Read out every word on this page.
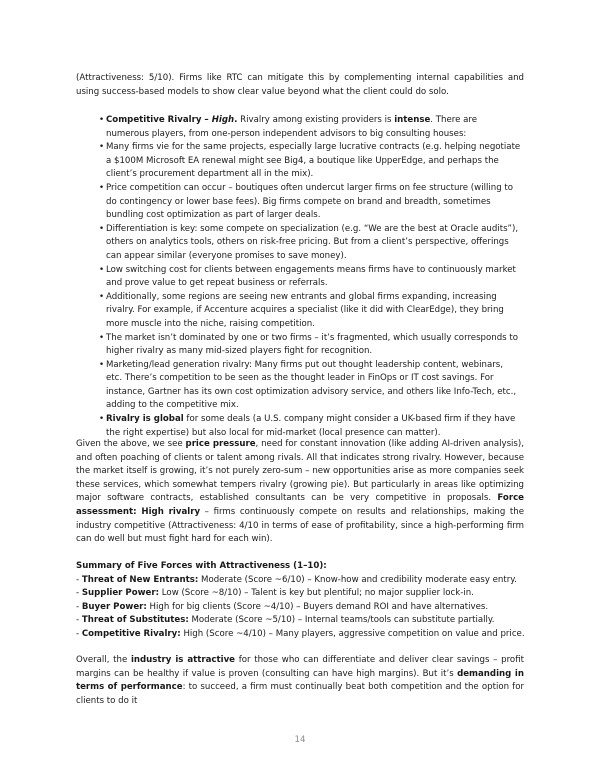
(Attractiveness: 5/10). Firms like RTC can mitigate this by complementing internal capabilities and using success-based models to show clear value beyond what the client could do solo.

• Competitive Rivalry – High. Rivalry among existing providers is intense. There are numerous players, from one-person independent advisors to big consulting houses:
• Many firms vie for the same projects, especially large lucrative contracts (e.g. helping negotiate a $100M Microsoft EA renewal might see Big4, a boutique like UpperEdge, and perhaps the client’s procurement department all in the mix).
• Price competition can occur – boutiques often undercut larger firms on fee structure (willing to do contingency or lower base fees). Big firms compete on brand and breadth, sometimes bundling cost optimization as part of larger deals.
• Differentiation is key: some compete on specialization (e.g. “We are the best at Oracle audits”), others on analytics tools, others on risk-free pricing. But from a client’s perspective, offerings can appear similar (everyone promises to save money).
• Low switching cost for clients between engagements means firms have to continuously market and prove value to get repeat business or referrals.
• Additionally, some regions are seeing new entrants and global firms expanding, increasing rivalry. For example, if Accenture acquires a specialist (like it did with ClearEdge), they bring more muscle into the niche, raising competition.
• The market isn’t dominated by one or two firms – it’s fragmented, which usually corresponds to higher rivalry as many mid-sized players fight for recognition.
• Marketing/lead generation rivalry: Many firms put out thought leadership content, webinars, etc. There’s competition to be seen as the thought leader in FinOps or IT cost savings. For instance, Gartner has its own cost optimization advisory service, and others like Info-Tech, etc., adding to the competitive mix.
• Rivalry is global for some deals (a U.S. company might consider a UK-based firm if they have the right expertise) but also local for mid-market (local presence can matter).

Given the above, we see price pressure, need for constant innovation (like adding AI-driven analysis), and often poaching of clients or talent among rivals. All that indicates strong rivalry. However, because the market itself is growing, it’s not purely zero-sum – new opportunities arise as more companies seek these services, which somewhat tempers rivalry (growing pie). But particularly in areas like optimizing major software contracts, established consultants can be very competitive in proposals. Force assessment: High rivalry – firms continuously compete on results and relationships, making the industry competitive (Attractiveness: 4/10 in terms of ease of profitability, since a high-performing firm can do well but must fight hard for each win).

Summary of Five Forces with Attractiveness (1–10):
- Threat of New Entrants: Moderate (Score ~6/10) – Know-how and credibility moderate easy entry.
- Supplier Power: Low (Score ~8/10) – Talent is key but plentiful; no major supplier lock-in.
- Buyer Power: High for big clients (Score ~4/10) – Buyers demand ROI and have alternatives.
- Threat of Substitutes: Moderate (Score ~5/10) – Internal teams/tools can substitute partially.
- Competitive Rivalry: High (Score ~4/10) – Many players, aggressive competition on value and price.

Overall, the industry is attractive for those who can differentiate and deliver clear savings – profit margins can be healthy if value is proven (consulting can have high margins). But it’s demanding in terms of performance: to succeed, a firm must continually beat both competition and the option for clients to do it

14
